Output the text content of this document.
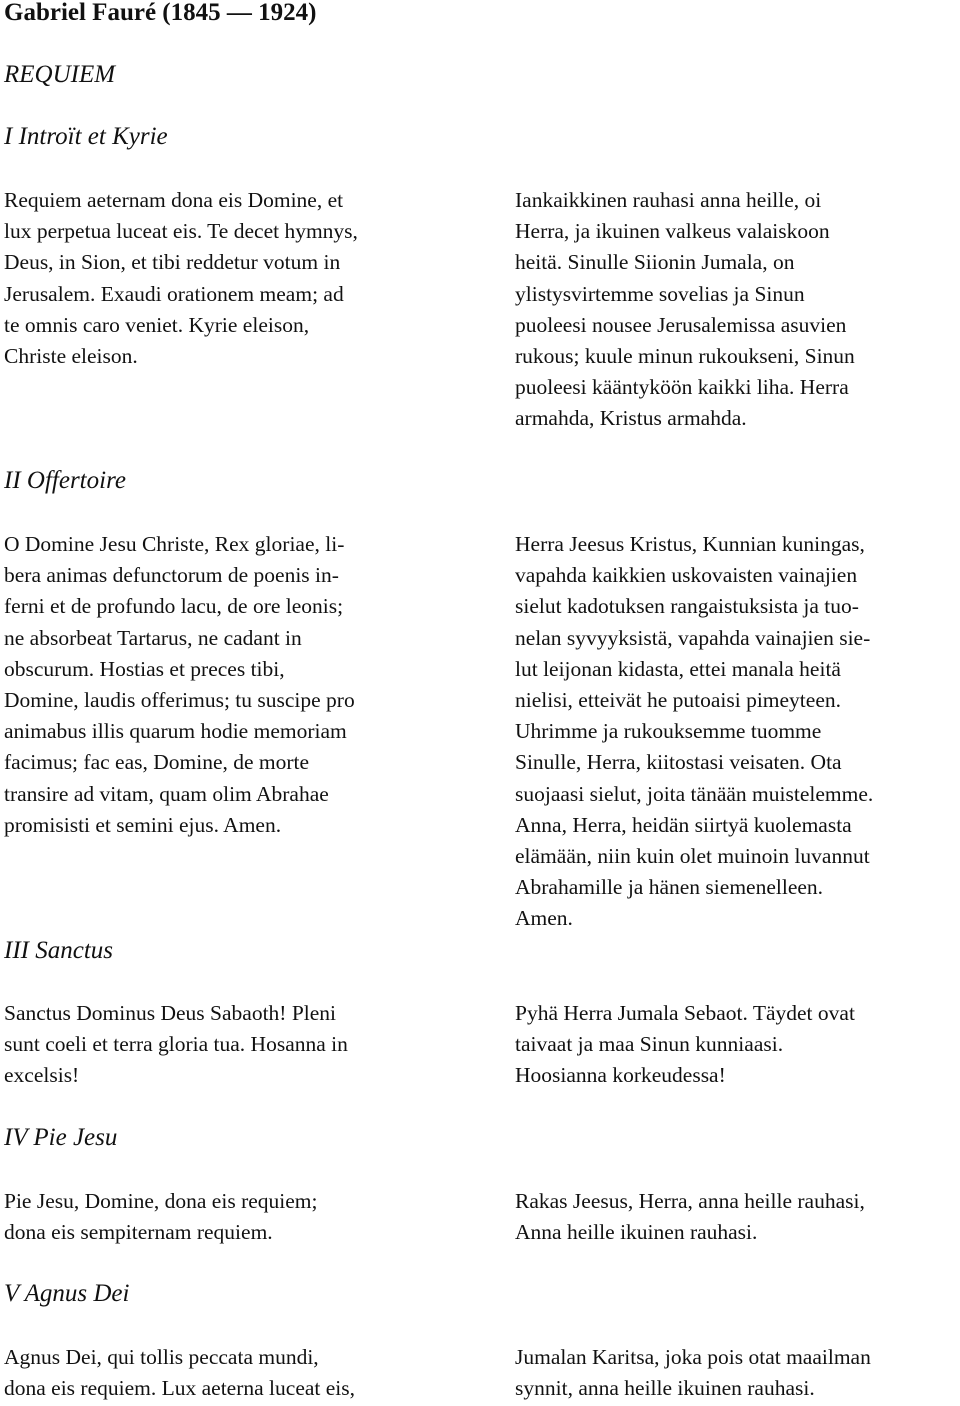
Gabriel Fauré (1845 — 1924)
REQUIEM
I Introït et Kyrie
Requiem aeternam dona eis Domine, et
lux perpetua luceat eis. Te decet hymnys,
Deus, in Sion, et tibi reddetur votum in
Jerusalem. Exaudi orationem meam; ad
te omnis caro veniet. Kyrie eleison,
Christe eleison.
Iankaikkinen rauhasi anna heille, oi
Herra, ja ikuinen valkeus valaiskoon
heitä. Sinulle Siionin Jumala, on
ylistysvirtemme sovelias ja Sinun
puoleesi nousee Jerusalemissa asuvien
rukous; kuule minun rukoukseni, Sinun
puoleesi kääntyköön kaikki liha. Herra
armahda, Kristus armahda.
II Offertoire
O Domine Jesu Christe, Rex gloriae, li-
bera animas defunctorum de poenis in-
ferni et de profundo lacu, de ore leonis;
ne absorbeat Tartarus, ne cadant in
obscurum. Hostias et preces tibi,
Domine, laudis offerimus; tu suscipe pro
animabus illis quarum hodie memoriam
facimus; fac eas, Domine, de morte
transire ad vitam, quam olim Abrahae
promisisti et semini ejus. Amen.
Herra Jeesus Kristus, Kunnian kuningas,
vapahda kaikkien uskovaisten vainajien
sielut kadotuksen rangaistuksista ja tuo-
nelan syvyyksistä, vapahda vainajien sie-
lut leijonan kidasta, ettei manala heitä
nielisi, etteivät he putoaisi pimeyteen.
Uhrimme ja rukouksemme tuomme
Sinulle, Herra, kiitostasi veisaten. Ota
suojaasi sielut, joita tänään muistelemme.
Anna, Herra, heidän siirtyä kuolemasta
elämään, niin kuin olet muinoin luvannut
Abrahamille ja hänen siemenelleen.
Amen.
III Sanctus
Sanctus Dominus Deus Sabaoth! Pleni
sunt coeli et terra gloria tua. Hosanna in
excelsis!
Pyhä Herra Jumala Sebaot. Täydet ovat
taivaat ja maa Sinun kunniaasi.
Hoosianna korkeudessa!
IV Pie Jesu
Pie Jesu, Domine, dona eis requiem;
dona eis sempiternam requiem.
Rakas Jeesus, Herra, anna heille rauhasi,
Anna heille ikuinen rauhasi.
V Agnus Dei
Agnus Dei, qui tollis peccata mundi,
dona eis requiem. Lux aeterna luceat eis,
Jumalan Karitsa, joka pois otat maailman
synnit, anna heille ikuinen rauhasi.
